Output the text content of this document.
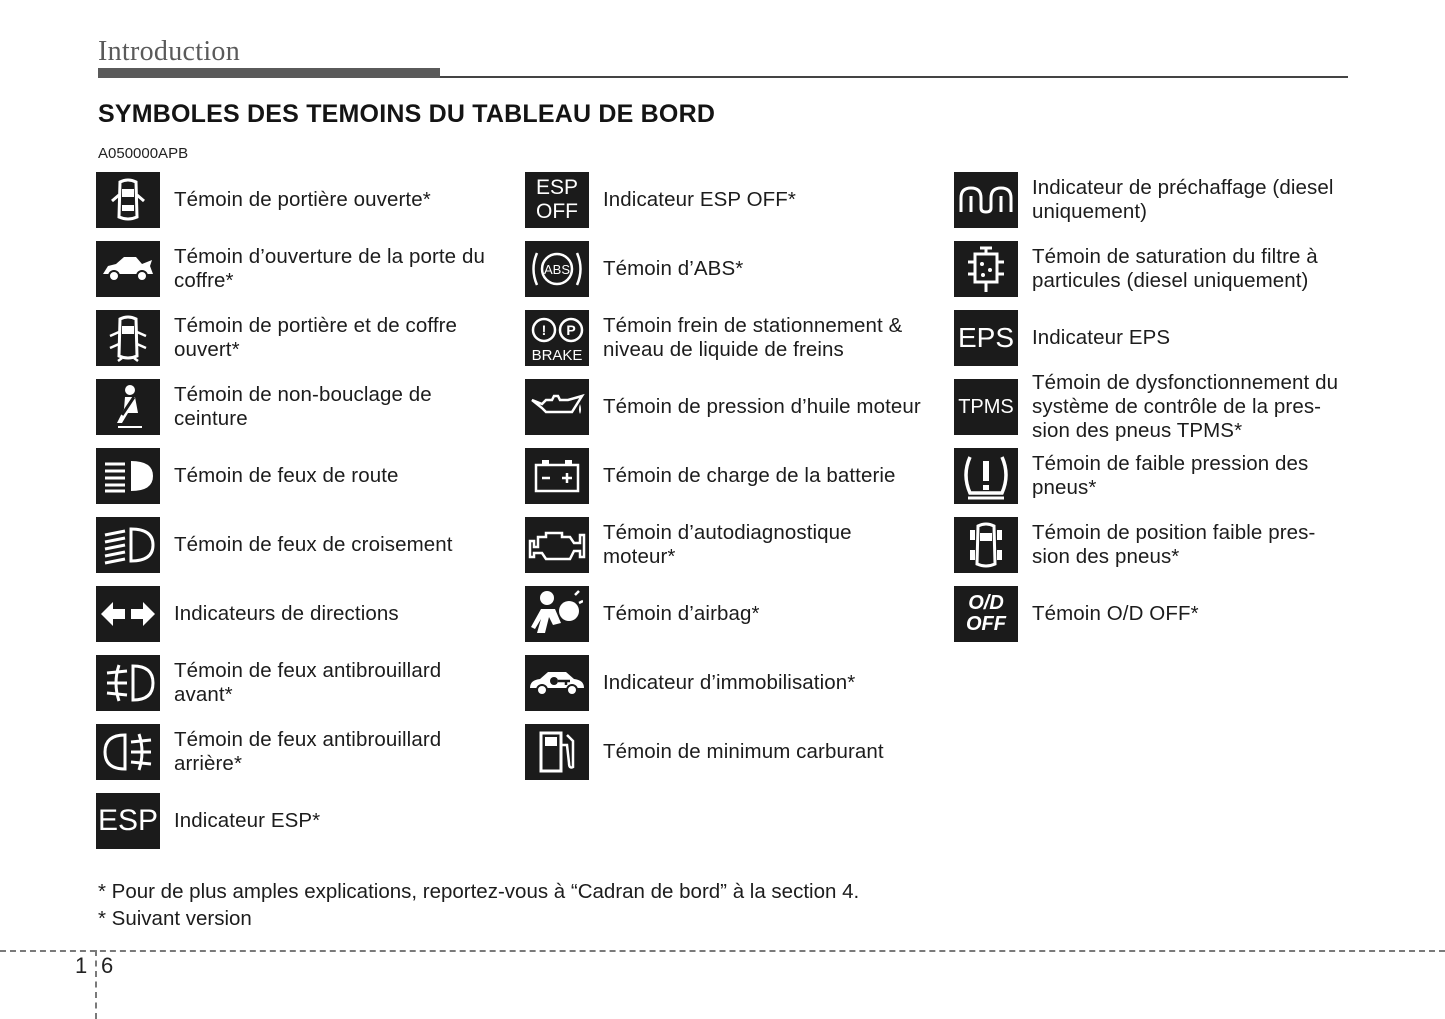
Introduction
SYMBOLES DES TEMOINS DU TABLEAU DE BORD
A050000APB
Témoin de portière ouverte*
Témoin d’ouverture de la porte du coffre*
Témoin de portière et de coffre ouvert*
Témoin de non-bouclage de ceinture
Témoin de feux de route
Témoin de feux de croisement
Indicateurs de directions
Témoin de feux antibrouillard avant*
Témoin de feux antibrouillard arrière*
ESP Indicateur ESP*
ESP
OFF
Indicateur ESP OFF*
ABS Témoin d’ABS*
! P
BRAKE
Témoin frein de stationnement & niveau de liquide de freins
Témoin de pression d’huile moteur
Témoin de charge de la batterie
Témoin d’autodiagnostique moteur*
Témoin d’airbag*
Indicateur d’immobilisation*
Témoin de minimum carburant
Indicateur de préchaffage (diesel uniquement)
Témoin de saturation du filtre à particules (diesel uniquement)
EPS Indicateur EPS
TPMS
Témoin de dysfonctionnement du système de contrôle de la pres- sion des pneus TPMS*
Témoin de faible pression des pneus*
Témoin de position faible pres- sion des pneus*
O/D
OFF Témoin O/D OFF*
* Pour de plus amples explications, reportez-vous à “Cadran de bord” à la section 4.
* Suivant version
1 6
